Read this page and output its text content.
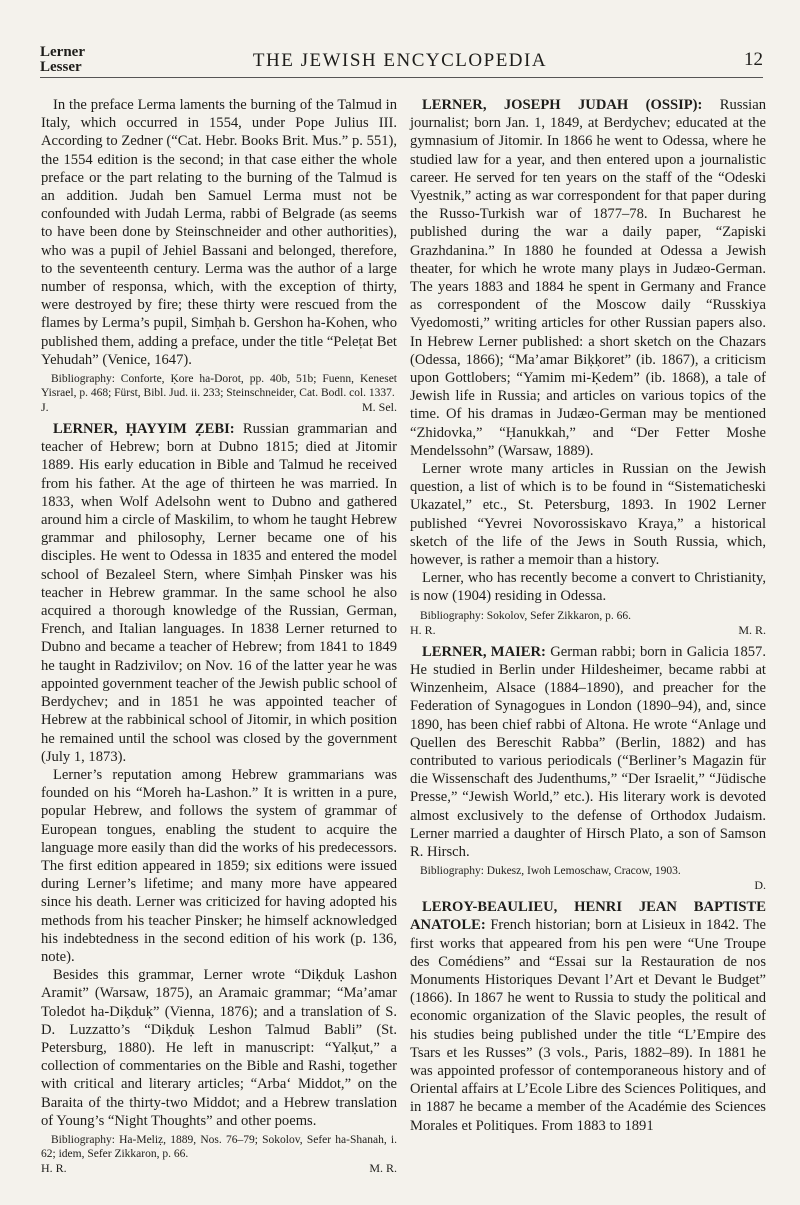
Lerner
Lesser	THE JEWISH ENCYCLOPEDIA	12

In the preface Lerma laments the burning of the Talmud in Italy, which occurred in 1554, under Pope Julius III. According to Zedner (“Cat. Hebr. Books Brit. Mus.” p. 551), the 1554 edition is the second; in that case either the whole preface or the part relating to the burning of the Talmud is an addition. Judah ben Samuel Lerma must not be confounded with Judah Lerma, rabbi of Belgrade (as seems to have been done by Steinschneider and other authorities), who was a pupil of Jehiel Bassani and belonged, therefore, to the seventeenth century. Lerma was the author of a large number of responsa, which, with the exception of thirty, were destroyed by fire; these thirty were rescued from the flames by Lerma’s pupil, Simḥah b. Gershon ha-Kohen, who published them, adding a preface, under the title “Peleṭat Bet Yehudah” (Venice, 1647).

Bibliography: Conforte, Ḳore ha-Dorot, pp. 40b, 51b; Fuenn, Keneset Yisrael, p. 468; Fürst, Bibl. Jud. ii. 233; Steinschneider, Cat. Bodl. col. 1337.

J.	M. Sel.

LERNER, ḤAYYIM ẒEBI: Russian grammarian and teacher of Hebrew; born at Dubno 1815; died at Jitomir 1889. His early education in Bible and Talmud he received from his father. At the age of thirteen he was married. In 1833, when Wolf Adelsohn went to Dubno and gathered around him a circle of Maskilim, to whom he taught Hebrew grammar and philosophy, Lerner became one of his disciples. He went to Odessa in 1835 and entered the model school of Bezaleel Stern, where Simḥah Pinsker was his teacher in Hebrew grammar. In the same school he also acquired a thorough knowledge of the Russian, German, French, and Italian languages. In 1838 Lerner returned to Dubno and became a teacher of Hebrew; from 1841 to 1849 he taught in Radzivilov; on Nov. 16 of the latter year he was appointed government teacher of the Jewish public school of Berdychev; and in 1851 he was appointed teacher of Hebrew at the rabbinical school of Jitomir, in which position he remained until the school was closed by the government (July 1, 1873).

Lerner’s reputation among Hebrew grammarians was founded on his “Moreh ha-Lashon.” It is written in a pure, popular Hebrew, and follows the system of grammar of European tongues, enabling the student to acquire the language more easily than did the works of his predecessors. The first edition appeared in 1859; six editions were issued during Lerner’s lifetime; and many more have appeared since his death. Lerner was criticized for having adopted his methods from his teacher Pinsker; he himself acknowledged his indebtedness in the second edition of his work (p. 136, note).

Besides this grammar, Lerner wrote “Diḳduḳ Lashon Aramit” (Warsaw, 1875), an Aramaic grammar; “Ma’amar Toledot ha-Diḳduḳ” (Vienna, 1876); and a translation of S. D. Luzzatto’s “Diḳduḳ Leshon Talmud Babli” (St. Petersburg, 1880). He left in manuscript: “Yalḳut,” a collection of commentaries on the Bible and Rashi, together with critical and literary articles; “Arba‘ Middot,” on the Baraita of the thirty-two Middot; and a Hebrew translation of Young’s “Night Thoughts” and other poems.

Bibliography: Ha-Meliẓ, 1889, Nos. 76–79; Sokolov, Sefer ha-Shanah, i. 62; idem, Sefer Zikkaron, p. 66.

H. R.	M. R.

LERNER, JOSEPH JUDAH (OSSIP): Russian journalist; born Jan. 1, 1849, at Berdychev; educated at the gymnasium of Jitomir. In 1866 he went to Odessa, where he studied law for a year, and then entered upon a journalistic career. He served for ten years on the staff of the “Odeski Vyestnik,” acting as war correspondent for that paper during the Russo-Turkish war of 1877–78. In Bucharest he published during the war a daily paper, “Zapiski Grazhdanina.” In 1880 he founded at Odessa a Jewish theater, for which he wrote many plays in Judæo-German. The years 1883 and 1884 he spent in Germany and France as correspondent of the Moscow daily “Russkiya Vyedomosti,” writing articles for other Russian papers also. In Hebrew Lerner published: a short sketch on the Chazars (Odessa, 1866); “Ma’amar Biḳḳoret” (ib. 1867), a criticism upon Gottlobers; “Yamim mi-Ḳedem” (ib. 1868), a tale of Jewish life in Russia; and articles on various topics of the time. Of his dramas in Judæo-German may be mentioned “Zhidovka,” “Ḥanukkah,” and “Der Fetter Moshe Mendelssohn” (Warsaw, 1889).

Lerner wrote many articles in Russian on the Jewish question, a list of which is to be found in “Sistematicheski Ukazatel,” etc., St. Petersburg, 1893. In 1902 Lerner published “Yevrei Novorossiskavo Kraya,” a historical sketch of the life of the Jews in South Russia, which, however, is rather a memoir than a history.

Lerner, who has recently become a convert to Christianity, is now (1904) residing in Odessa.

Bibliography: Sokolov, Sefer Zikkaron, p. 66.

H. R.	M. R.

LERNER, MAIER: German rabbi; born in Galicia 1857. He studied in Berlin under Hildesheimer, became rabbi at Winzenheim, Alsace (1884–1890), and preacher for the Federation of Synagogues in London (1890–94), and, since 1890, has been chief rabbi of Altona. He wrote “Anlage und Quellen des Bereschit Rabba” (Berlin, 1882) and has contributed to various periodicals (“Berliner’s Magazin für die Wissenschaft des Judenthums,” “Der Israelit,” “Jüdische Presse,” “Jewish World,” etc.). His literary work is devoted almost exclusively to the defense of Orthodox Judaism. Lerner married a daughter of Hirsch Plato, a son of Samson R. Hirsch.

Bibliography: Dukesz, Iwoh Lemoschaw, Cracow, 1903.

D.

LEROY-BEAULIEU, HENRI JEAN BAPTISTE ANATOLE: French historian; born at Lisieux in 1842. The first works that appeared from his pen were “Une Troupe des Comédiens” and “Essai sur la Restauration de nos Monuments Historiques Devant l’Art et Devant le Budget” (1866). In 1867 he went to Russia to study the political and economic organization of the Slavic peoples, the result of his studies being published under the title “L’Empire des Tsars et les Russes” (3 vols., Paris, 1882–89). In 1881 he was appointed professor of contemporaneous history and of Oriental affairs at L’Ecole Libre des Sciences Politiques, and in 1887 he became a member of the Académie des Sciences Morales et Politiques. From 1883 to 1891
